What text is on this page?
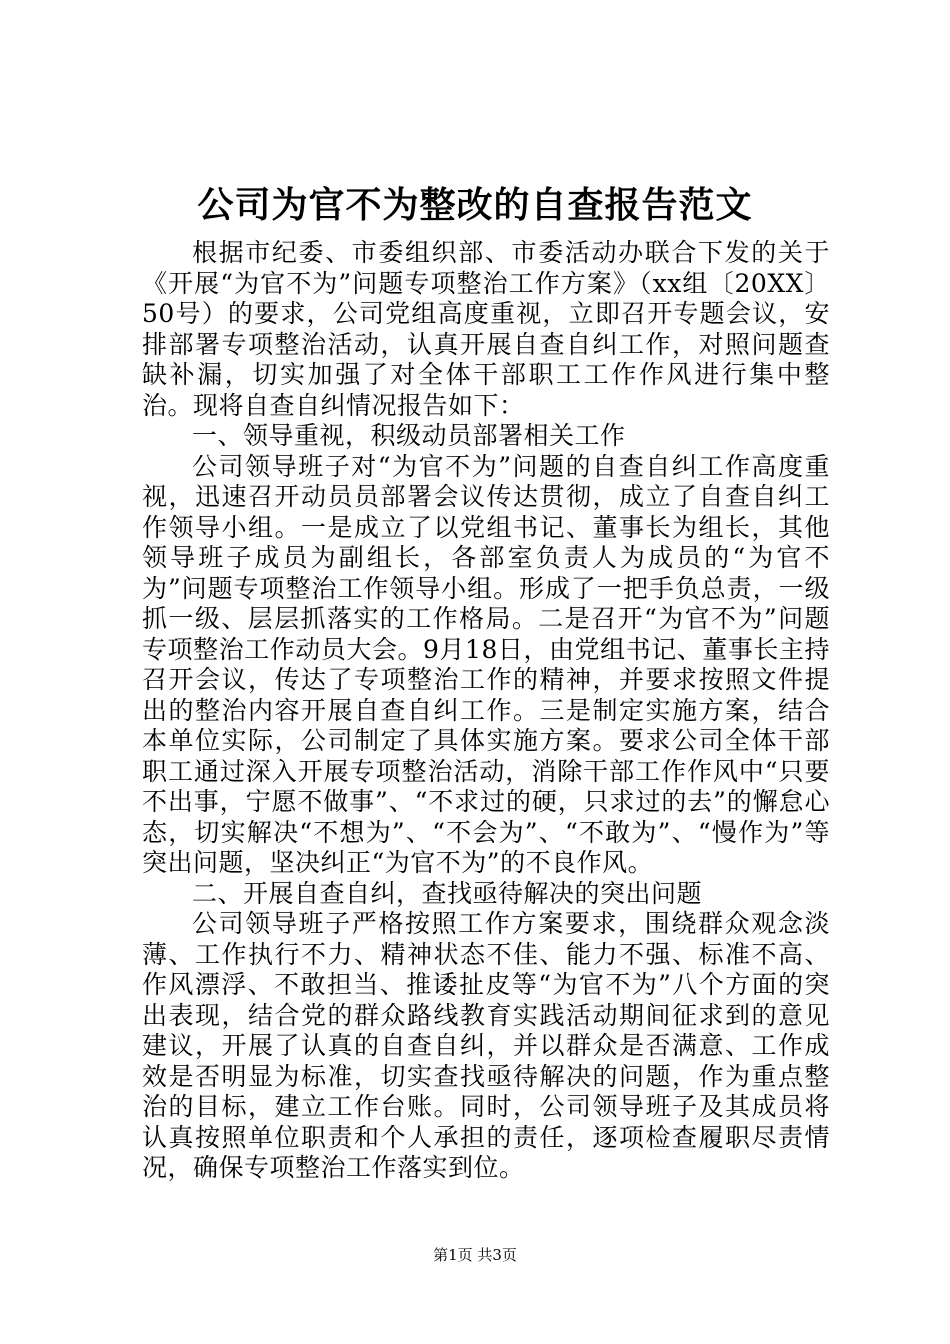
公司为官不为整改的自查报告范文

根据市纪委、市委组织部、市委活动办联合下发的关于《开展“为官不为”问题专项整治工作方案》（xx组〔20XX〕50号）的要求，公司党组高度重视，立即召开专题会议，安排部署专项整治活动，认真开展自查自纠工作，对照问题查缺补漏，切实加强了对全体干部职工工作作风进行集中整治。现将自查自纠情况报告如下：

一、领导重视，积级动员部署相关工作

公司领导班子对“为官不为”问题的自查自纠工作高度重视，迅速召开动员员部署会议传达贯彻，成立了自查自纠工作领导小组。一是成立了以党组书记、董事长为组长，其他领导班子成员为副组长，各部室负责人为成员的“为官不为”问题专项整治工作领导小组。形成了一把手负总责，一级抓一级、层层抓落实的工作格局。二是召开“为官不为”问题专项整治工作动员大会。9月18日，由党组书记、董事长主持召开会议，传达了专项整治工作的精神，并要求按照文件提出的整治内容开展自查自纠工作。三是制定实施方案，结合本单位实际，公司制定了具体实施方案。要求公司全体干部职工通过深入开展专项整治活动，消除干部工作作风中“只要不出事，宁愿不做事”、“不求过的硬，只求过的去”的懈怠心态，切实解决“不想为”、“不会为”、“不敢为”、“慢作为”等突出问题，坚决纠正“为官不为”的不良作风。

二、开展自查自纠，查找亟待解决的突出问题

公司领导班子严格按照工作方案要求，围绕群众观念淡薄、工作执行不力、精神状态不佳、能力不强、标准不高、作风漂浮、不敢担当、推诿扯皮等“为官不为”八个方面的突出表现，结合党的群众路线教育实践活动期间征求到的意见建议，开展了认真的自查自纠，并以群众是否满意、工作成效是否明显为标准，切实查找亟待解决的问题，作为重点整治的目标，建立工作台账。同时，公司领导班子及其成员将认真按照单位职责和个人承担的责任，逐项检查履职尽责情况，确保专项整治工作落实到位。

第1页 共3页
